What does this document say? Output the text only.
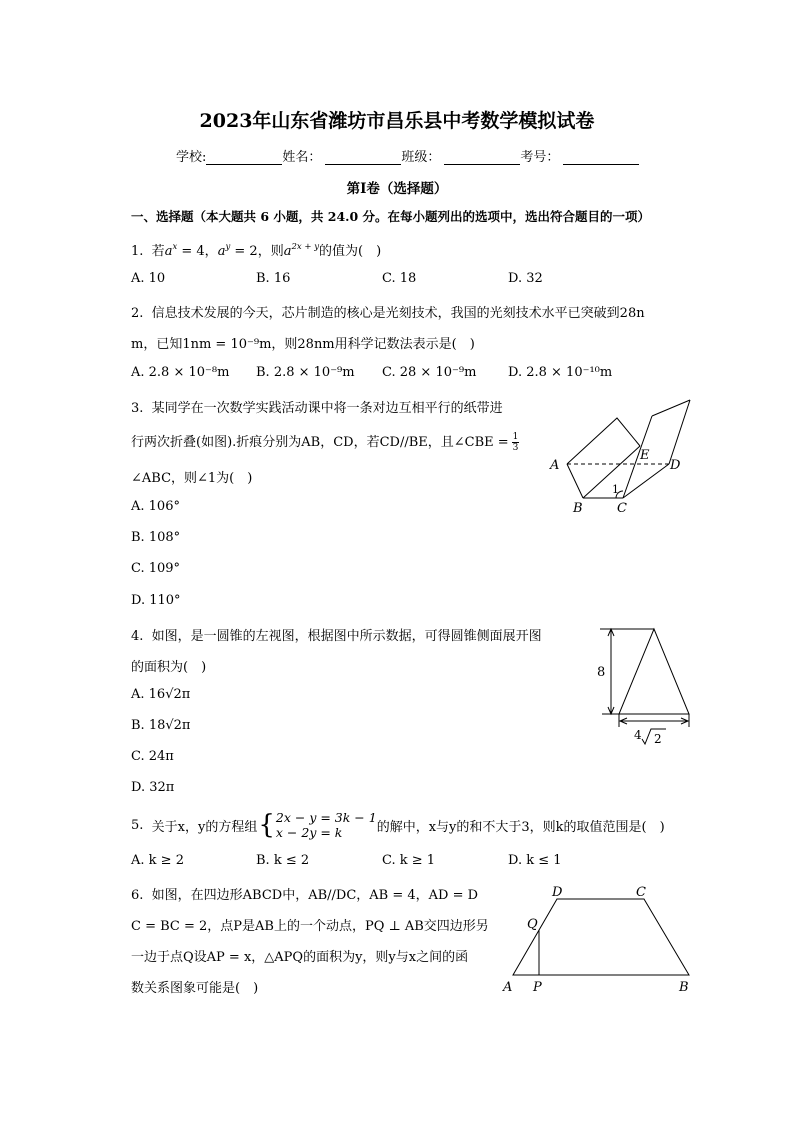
2023年山东省潍坊市昌乐县中考数学模拟试卷
学校:	姓名：	班级：	考号：
第I卷（选择题）
一、选择题（本大题共 6 小题，共 24.0 分。在每小题列出的选项中，选出符合题目的一项）
1. 若$a^x = 4$，$a^y = 2$，则$a^{2x + y}$的值为(　)
A. 10	B. 16	C. 18	D. 32
2. 信息技术发展的今天，芯片制造的核心是光刻技术，我国的光刻技术水平已突破到28n
m，已知1nm = 10⁻⁹m，则28nm用科学记数法表示是(　)
A. 2.8 × 10⁻⁸m B. 2.8 × 10⁻⁹m C. 28 × 10⁻⁹m D. 2.8 × 10⁻¹⁰m
3. 某同学在一次数学实践活动课中将一条对边互相平行的纸带进
行两次折叠(如图).折痕分别为AB，CD，若CD//BE，且∠CBE = $\frac{1}{3}$
∠ABC，则∠1为(　)
A. 106°
B. 108°
C. 109°
D. 110°
A
B	C
D
E
1
4. 如图，是一圆锥的左视图，根据图中所示数据，可得圆锥侧面展开图
的面积为(　)
A. 16√2π
B. 18√2π
C. 24π
D. 32π
8
4 2
5.
关于x，y的方程组 { 2x − y = 3k − 1
x − 2y = k	的解中，x与y的和不大于3，则k的取值范围是(　)
A. k ≥ 2	B. k ≤ 2	C. k ≥ 1	D. k ≤ 1
6. 如图，在四边形ABCD中，AB//DC，AB = 4，AD = D
C = BC = 2，点P是AB上的一个动点，PQ ⊥ AB交四边形另
一边于点Q设AP = x，△APQ的面积为y，则y与x之间的函
数关系图象可能是(　)	A P	B
D	C
Q
